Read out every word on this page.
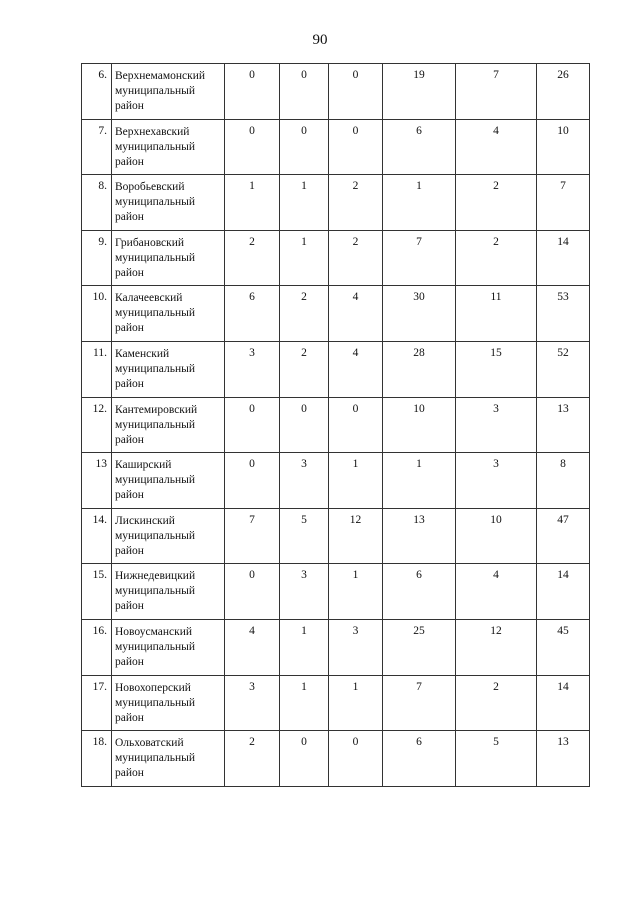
90
6.	Верхнемамонский
муниципальный
район	0	0	0	19	7	26
7.	Верхнехавский
муниципальный
район	0	0	0	6	4	10
8.	Воробьевский
муниципальный
район	1	1	2	1	2	7
9.	Грибановский
муниципальный
район	2	1	2	7	2	14
10.	Калачеевский
муниципальный
район	6	2	4	30	11	53
11.	Каменский
муниципальный
район	3	2	4	28	15	52
12.	Кантемировский
муниципальный
район	0	0	0	10	3	13
13	Каширский
муниципальный
район	0	3	1	1	3	8
14.	Лискинский
муниципальный
район	7	5	12	13	10	47
15.	Нижнедевицкий
муниципальный
район	0	3	1	6	4	14
16.	Новоусманский
муниципальный
район	4	1	3	25	12	45
17.	Новохоперский
муниципальный
район	3	1	1	7	2	14
18.	Ольховатский
муниципальный
район	2	0	0	6	5	13
